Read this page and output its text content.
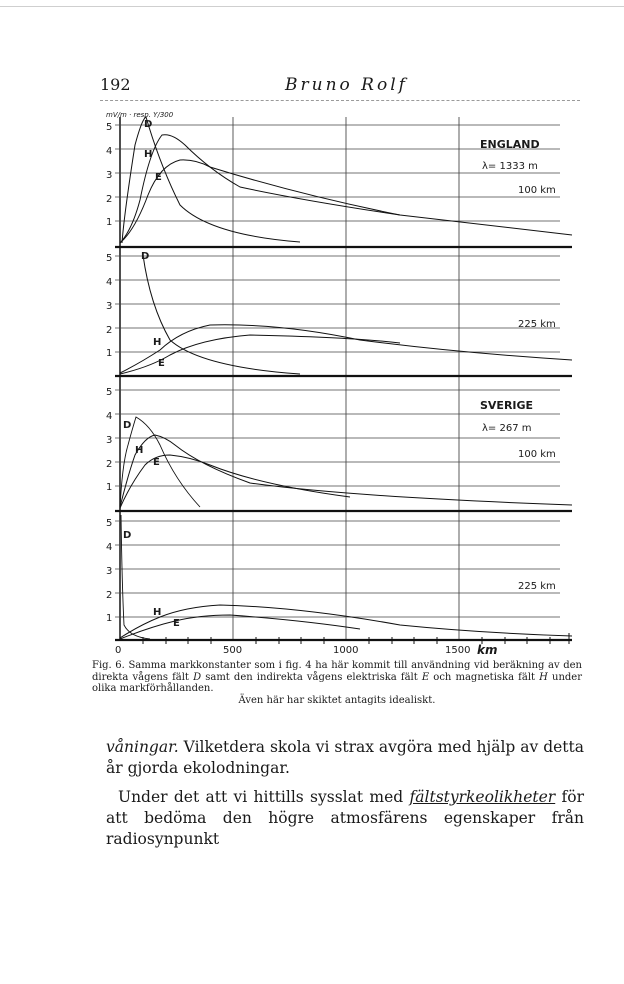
192	Bruno Rolf
1
2
3
4
5
mV/m · resp. Y/300
H
E
D
ENGLAND
λ= 1333 m
100 km
1
2
3
4
5	D
H
E
225 km
1
2
3
4
5
D
H
E
SVERIGE
λ= 267 m
100 km
1
2
3
4
5
D
H
E
225 km
0	500	1000	1500 km
Fig. 6. Samma markkonstanter som i fig. 4 ha här kommit till användning vid beräkning av den direkta vågens fält D samt den indirekta vågens elektriska fält E och magnetiska fält H under olika markförhållanden.
Även här har skiktet antagits idealiskt.
våningar. Vilketdera skola vi strax avgöra med hjälp av detta år gjorda ekolodningar.
Under det att vi hittills sysslat med fältstyrkeolikheter för att bedöma den högre atmosfärens egenskaper från radiosynpunkt
